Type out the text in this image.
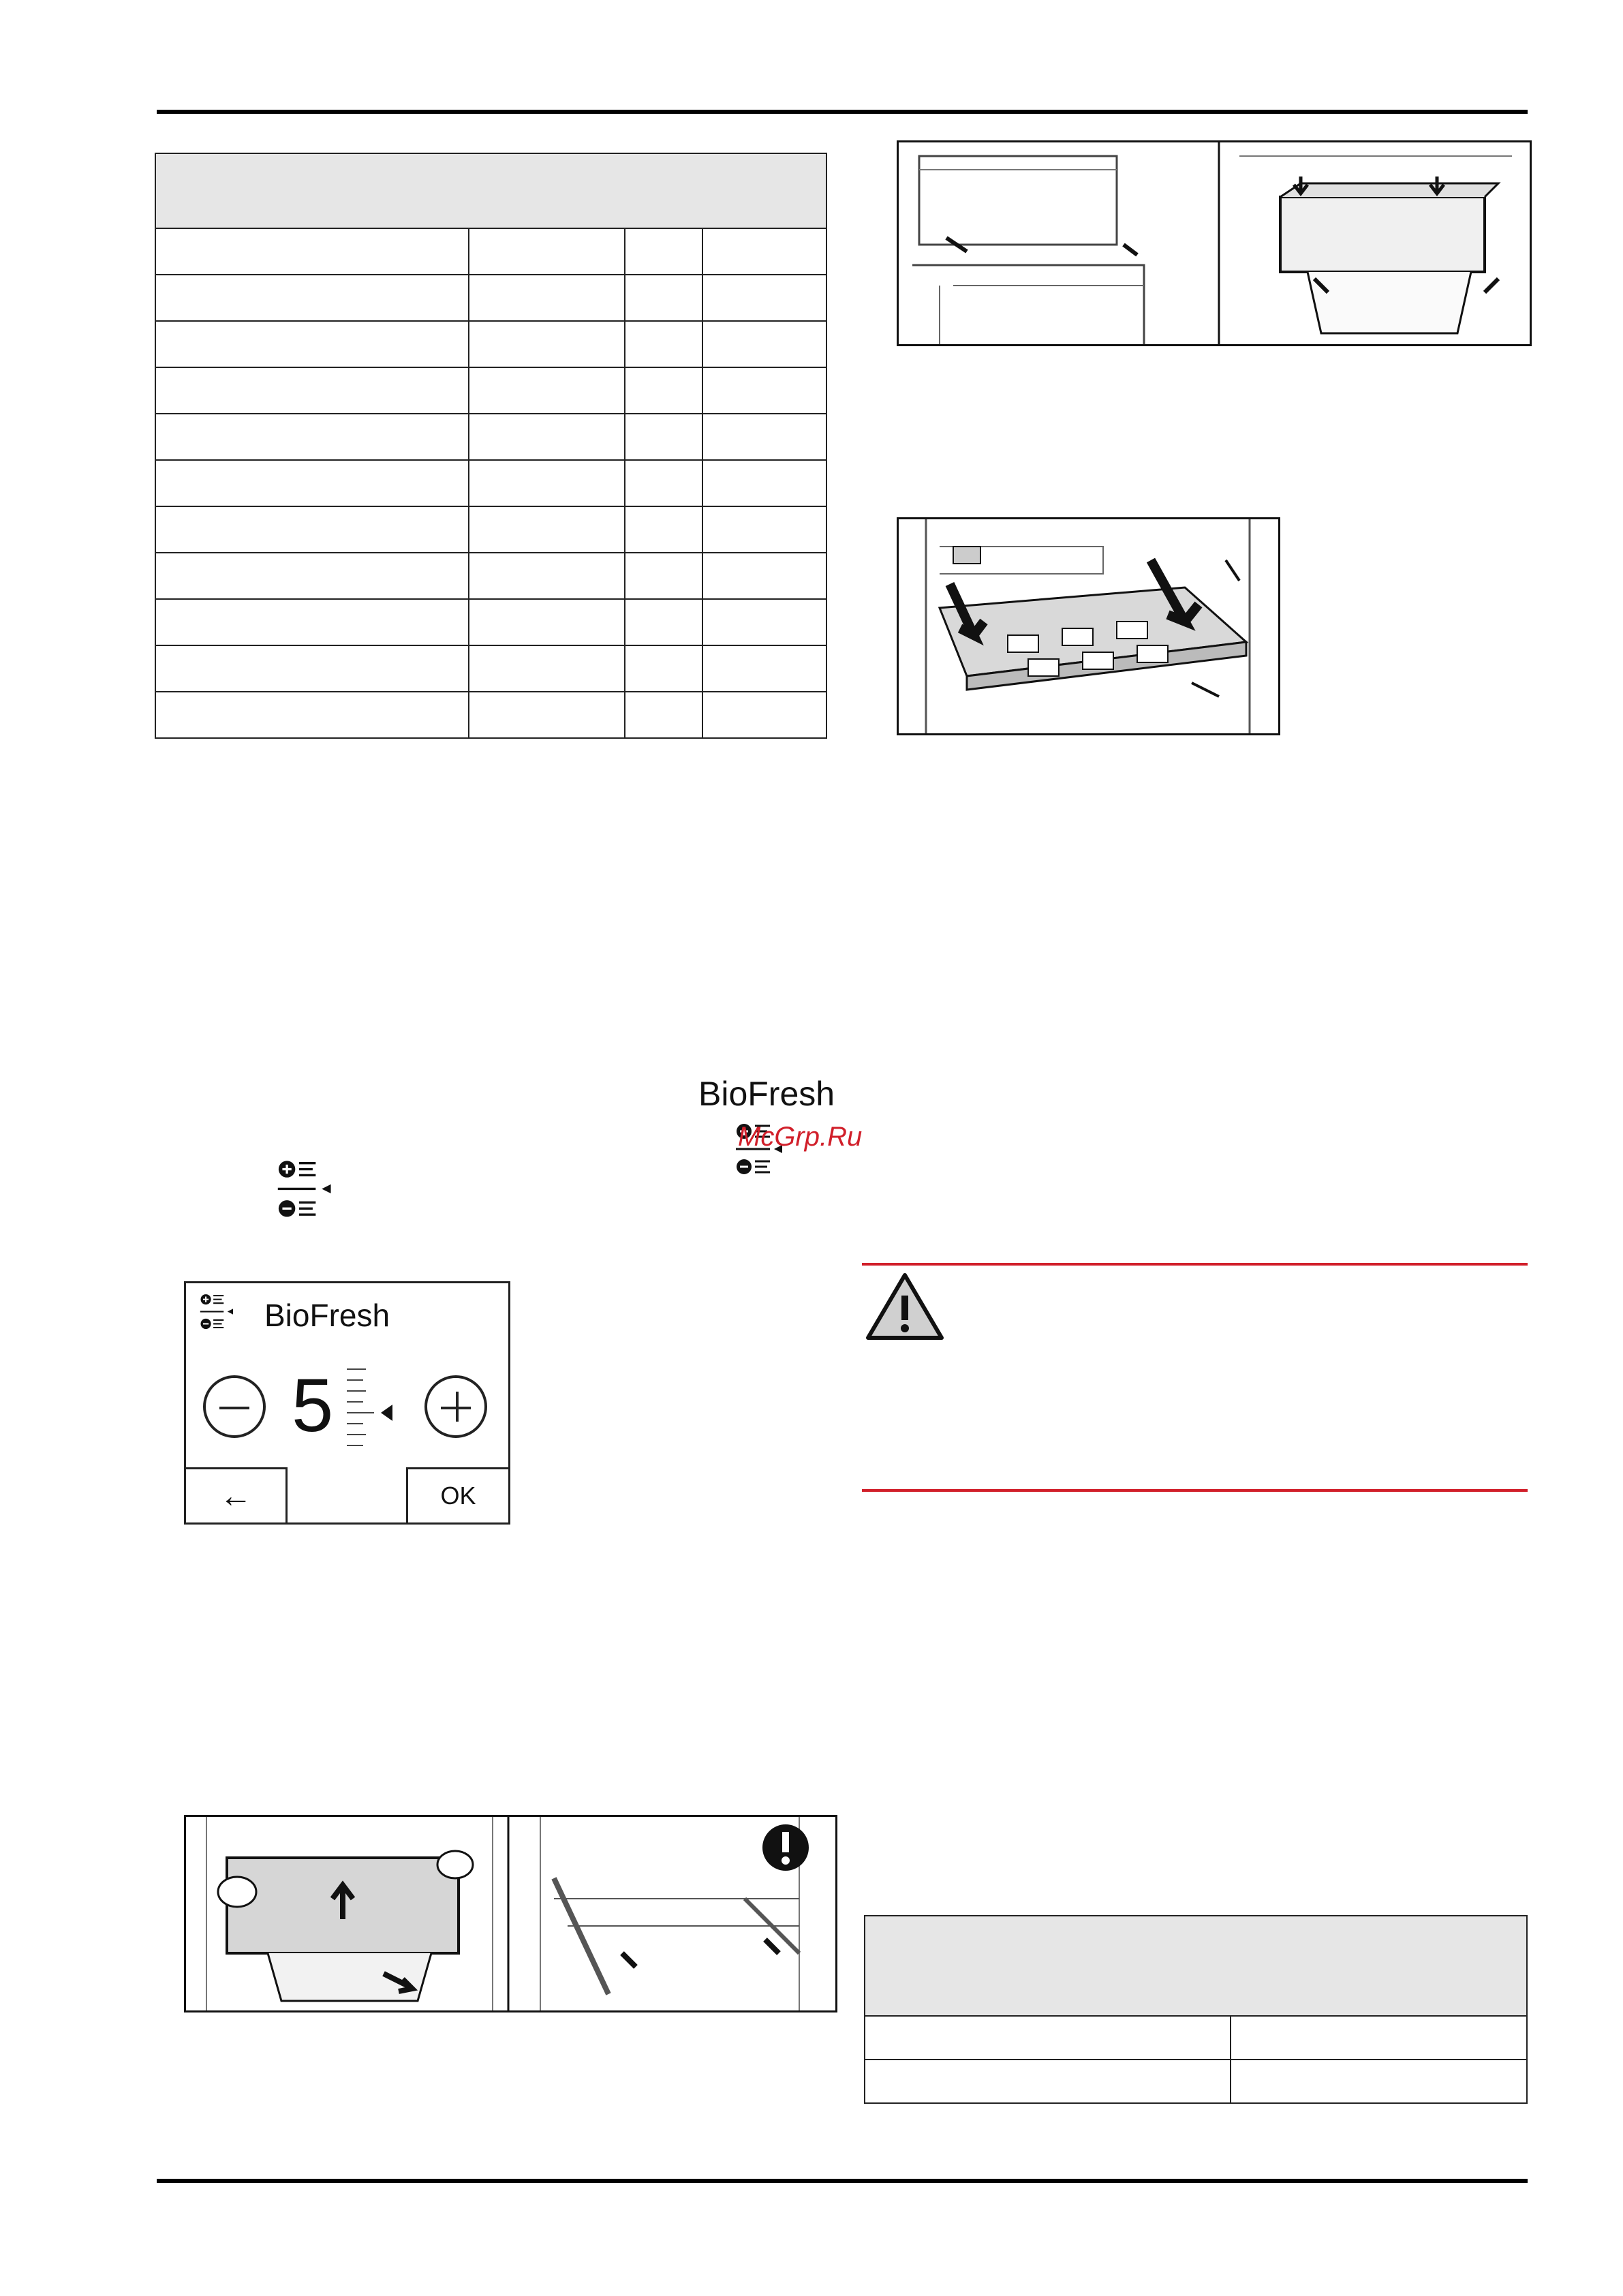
BioFresh
McGrp.Ru
BioFresh
5
←	OK
